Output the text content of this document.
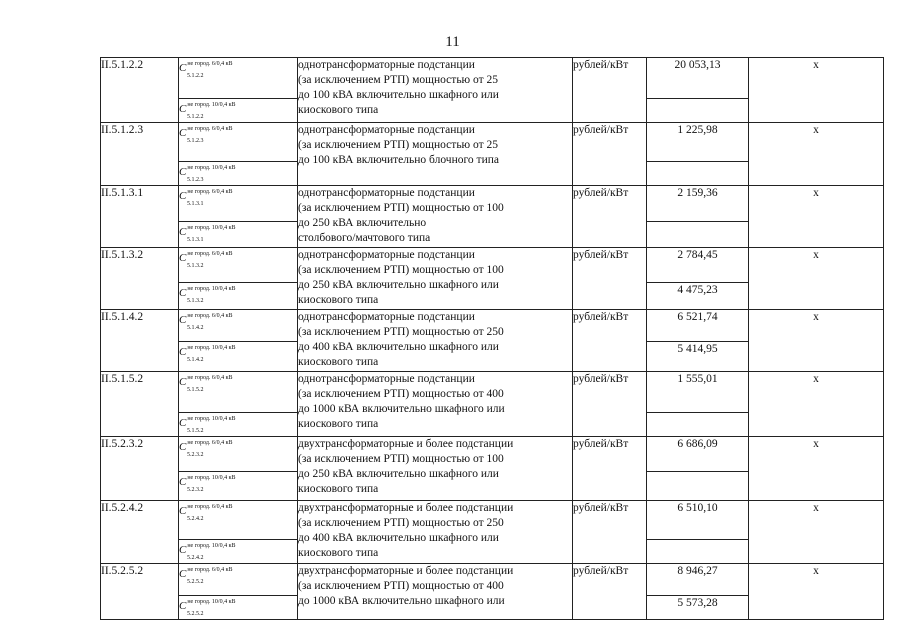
11
II.5.1.2.2	$C^{не город. 6/0,4 кВ}$
5.1.2.2	однотрансформаторные подстанции
(за исключением РТП) мощностью от 25
до 100 кВА включительно шкафного или
киоскового типа	рублей/кВт	20 053,13	х

	$C^{не город. 10/0,4 кВ}$
5.1.2.2				

II.5.1.2.3	$C^{не город. 6/0,4 кВ}$
5.1.2.3	однотрансформаторные подстанции
(за исключением РТП) мощностью от 25
до 100 кВА включительно блочного типа	рублей/кВт	1 225,98	х

	$C^{не город. 10/0,4 кВ}$
5.1.2.3				

II.5.1.3.1	$C^{не город. 6/0,4 кВ}$
5.1.3.1	однотрансформаторные подстанции
(за исключением РТП) мощностью от 100
до 250 кВА включительно
столбового/мачтового типа	рублей/кВт	2 159,36	х

	$C^{не город. 10/0,4 кВ}$
5.1.3.1				

II.5.1.3.2	$C^{не город. 6/0,4 кВ}$
5.1.3.2	однотрансформаторные подстанции
(за исключением РТП) мощностью от 100
до 250 кВА включительно шкафного или
киоскового типа	рублей/кВт	2 784,45	х

	$C^{не город. 10/0,4 кВ}$
5.1.3.2			4 475,23	
II.5.1.4.2	$C^{не город. 6/0,4 кВ}$
5.1.4.2	однотрансформаторные подстанции
(за исключением РТП) мощностью от 250
до 400 кВА включительно шкафного или
киоскового типа	рублей/кВт	6 521,74	х

	$C^{не город. 10/0,4 кВ}$
5.1.4.2			5 414,95	
II.5.1.5.2	$C^{не город. 6/0,4 кВ}$
5.1.5.2	однотрансформаторные подстанции
(за исключением РТП) мощностью от 400
до 1000 кВА включительно шкафного или
киоскового типа	рублей/кВт	1 555,01	х

	$C^{не город. 10/0,4 кВ}$
5.1.5.2				

II.5.2.3.2	$C^{не город. 6/0,4 кВ}$
5.2.3.2	двухтрансформаторные и более подстанции
(за исключением РТП) мощностью от 100
до 250 кВА включительно шкафного или
киоскового типа	рублей/кВт	6 686,09	х

	$C^{не город. 10/0,4 кВ}$
5.2.3.2				

II.5.2.4.2	$C^{не город. 6/0,4 кВ}$
5.2.4.2	двухтрансформаторные и более подстанции
(за исключением РТП) мощностью от 250
до 400 кВА включительно шкафного или
киоскового типа	рублей/кВт	6 510,10	х

	$C^{не город. 10/0,4 кВ}$
5.2.4.2				

II.5.2.5.2	$C^{не город. 6/0,4 кВ}$
5.2.5.2	двухтрансформаторные и более подстанции
(за исключением РТП) мощностью от 400
до 1000 кВА включительно шкафного или	рублей/кВт	8 946,27	х

	$C^{не город. 10/0,4 кВ}$
5.2.5.2			5 573,28	
